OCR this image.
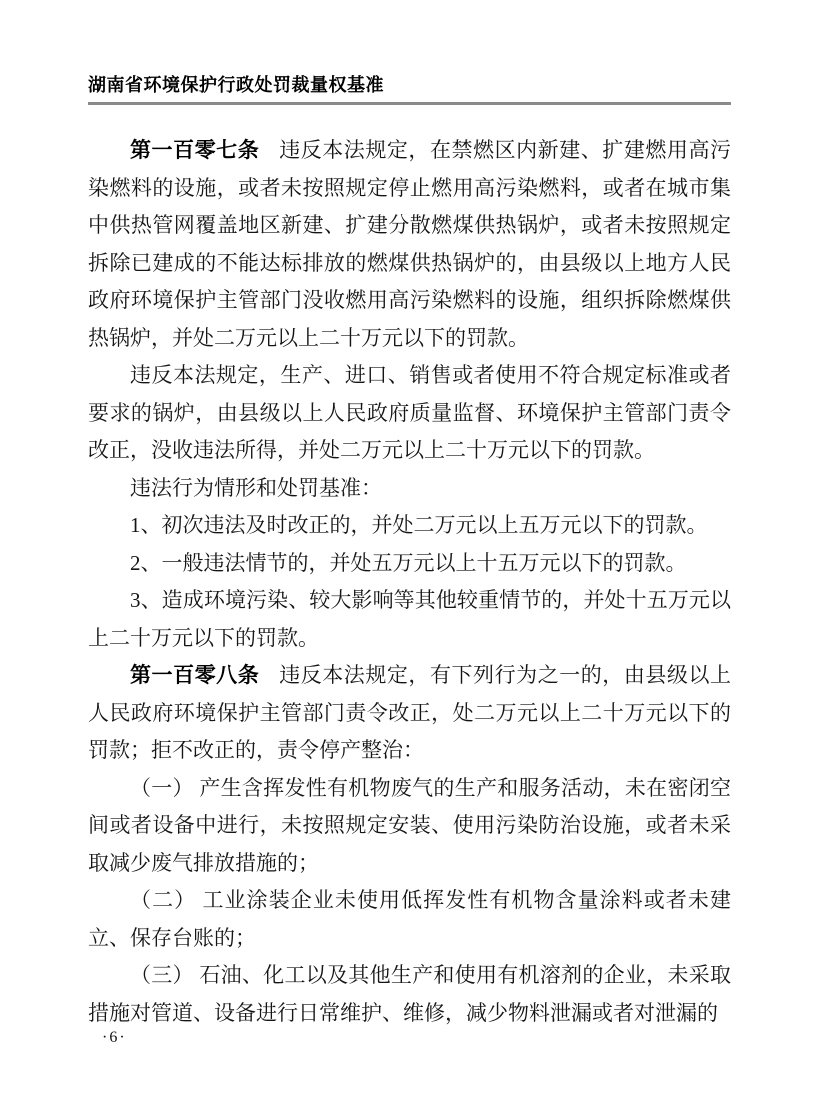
湖南省环境保护行政处罚裁量权基准

第一百零七条 违反本法规定，在禁燃区内新建、扩建燃用高污染燃料的设施，或者未按照规定停止燃用高污染燃料，或者在城市集中供热管网覆盖地区新建、扩建分散燃煤供热锅炉，或者未按照规定拆除已建成的不能达标排放的燃煤供热锅炉的，由县级以上地方人民政府环境保护主管部门没收燃用高污染燃料的设施，组织拆除燃煤供热锅炉，并处二万元以上二十万元以下的罚款。

违反本法规定，生产、进口、销售或者使用不符合规定标准或者要求的锅炉，由县级以上人民政府质量监督、环境保护主管部门责令改正，没收违法所得，并处二万元以上二十万元以下的罚款。

违法行为情形和处罚基准：

1、初次违法及时改正的，并处二万元以上五万元以下的罚款。

2、一般违法情节的，并处五万元以上十五万元以下的罚款。

3、造成环境污染、较大影响等其他较重情节的，并处十五万元以上二十万元以下的罚款。

第一百零八条 违反本法规定，有下列行为之一的，由县级以上人民政府环境保护主管部门责令改正，处二万元以上二十万元以下的罚款；拒不改正的，责令停产整治：

（一） 产生含挥发性有机物废气的生产和服务活动，未在密闭空间或者设备中进行，未按照规定安装、使用污染防治设施，或者未采取减少废气排放措施的；

（二） 工业涂装企业未使用低挥发性有机物含量涂料或者未建立、保存台账的；

（三） 石油、化工以及其他生产和使用有机溶剂的企业，未采取措施对管道、设备进行日常维护、维修，减少物料泄漏或者对泄漏的

·6·
